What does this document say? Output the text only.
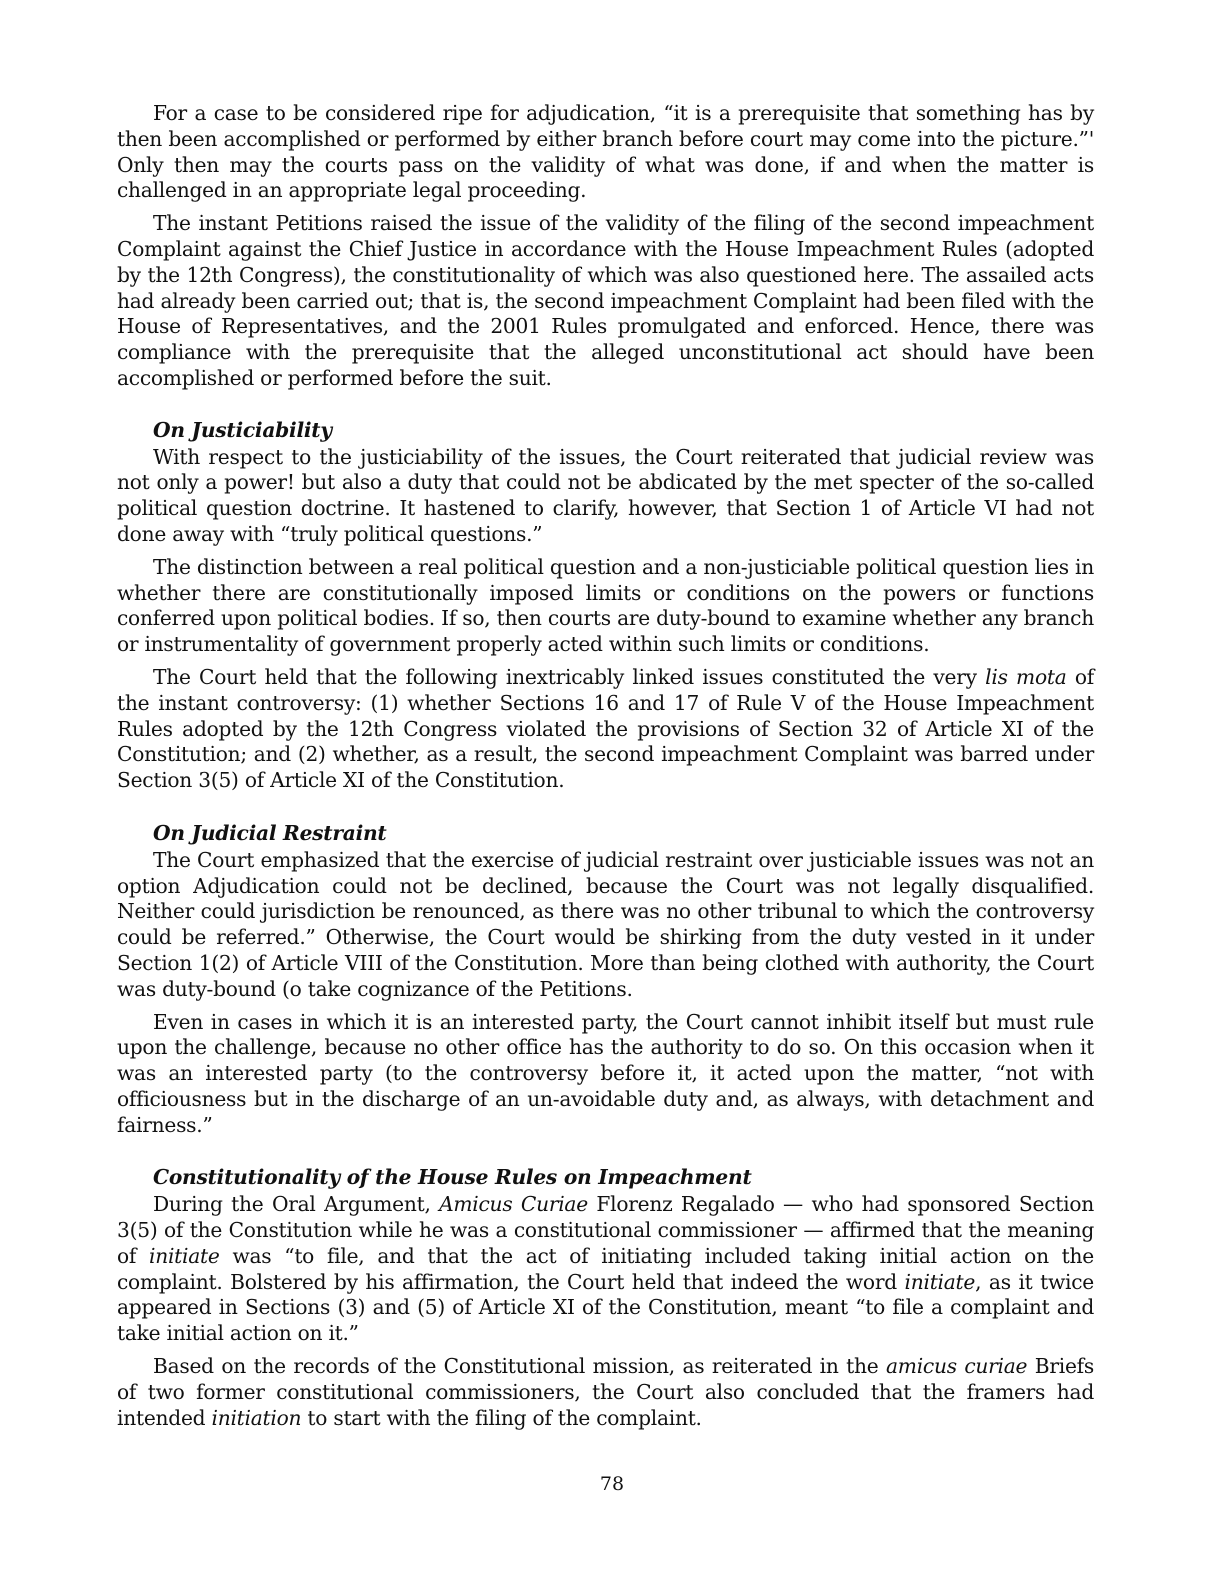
For a case to be considered ripe for adjudication, “it is a prerequisite that something has by then been accomplished or performed by either branch before court may come into the picture.”' Only then may the courts pass on the validity of what was done, if and when the matter is challenged in an appropriate legal proceeding.

The instant Petitions raised the issue of the validity of the filing of the second impeachment Complaint against the Chief Justice in accordance with the House Impeachment Rules (adopted by the 12th Congress), the constitutionality of which was also questioned here. The assailed acts had already been carried out; that is, the second impeachment Complaint had been filed with the House of Representatives, and the 2001 Rules promulgated and enforced. Hence, there was compliance with the prerequisite that the alleged unconstitutional act should have been accomplished or performed before the suit.

On Justiciability

With respect to the justiciability of the issues, the Court reiterated that judicial review was not only a power! but also a duty that could not be abdicated by the met specter of the so-called political question doctrine. It hastened to clarify, however, that Section 1 of Article VI had not done away with “truly political questions.”

The distinction between a real political question and a non-justiciable political question lies in whether there are constitutionally imposed limits or conditions on the powers or functions conferred upon political bodies. If so, then courts are duty-bound to examine whether any branch or instrumentality of government properly acted within such limits or conditions.

The Court held that the following inextricably linked issues constituted the very lis mota of the instant controversy: (1) whether Sections 16 and 17 of Rule V of the House Impeachment Rules adopted by the 12th Congress violated the provisions of Section 32 of Article XI of the Constitution; and (2) whether, as a result, the second impeachment Complaint was barred under Section 3(5) of Article XI of the Constitution.

On Judicial Restraint

The Court emphasized that the exercise of judicial restraint over justiciable issues was not an option Adjudication could not be declined, because the Court was not legally disqualified. Neither could jurisdiction be renounced, as there was no other tribunal to which the controversy could be referred.” Otherwise, the Court would be shirking from the duty vested in it under Section 1(2) of Article VIII of the Constitution. More than being clothed with authority, the Court was duty-bound (o take cognizance of the Petitions.

Even in cases in which it is an interested party, the Court cannot inhibit itself but must rule upon the challenge, because no other office has the authority to do so. On this occasion when it was an interested party (to the controversy before it, it acted upon the matter, “not with officiousness but in the discharge of an un-avoidable duty and, as always, with detachment and fairness.”

Constitutionality of the House Rules on Impeachment

During the Oral Argument, Amicus Curiae Florenz Regalado — who had sponsored Section 3(5) of the Constitution while he was a constitutional commissioner — affirmed that the meaning of initiate was “to file, and that the act of initiating included taking initial action on the complaint. Bolstered by his affirmation, the Court held that indeed the word initiate, as it twice appeared in Sections (3) and (5) of Article XI of the Constitution, meant “to file a complaint and take initial action on it.”

Based on the records of the Constitutional mission, as reiterated in the amicus curiae Briefs of two former constitutional commissioners, the Court also concluded that the framers had intended initiation to start with the filing of the complaint.

78
